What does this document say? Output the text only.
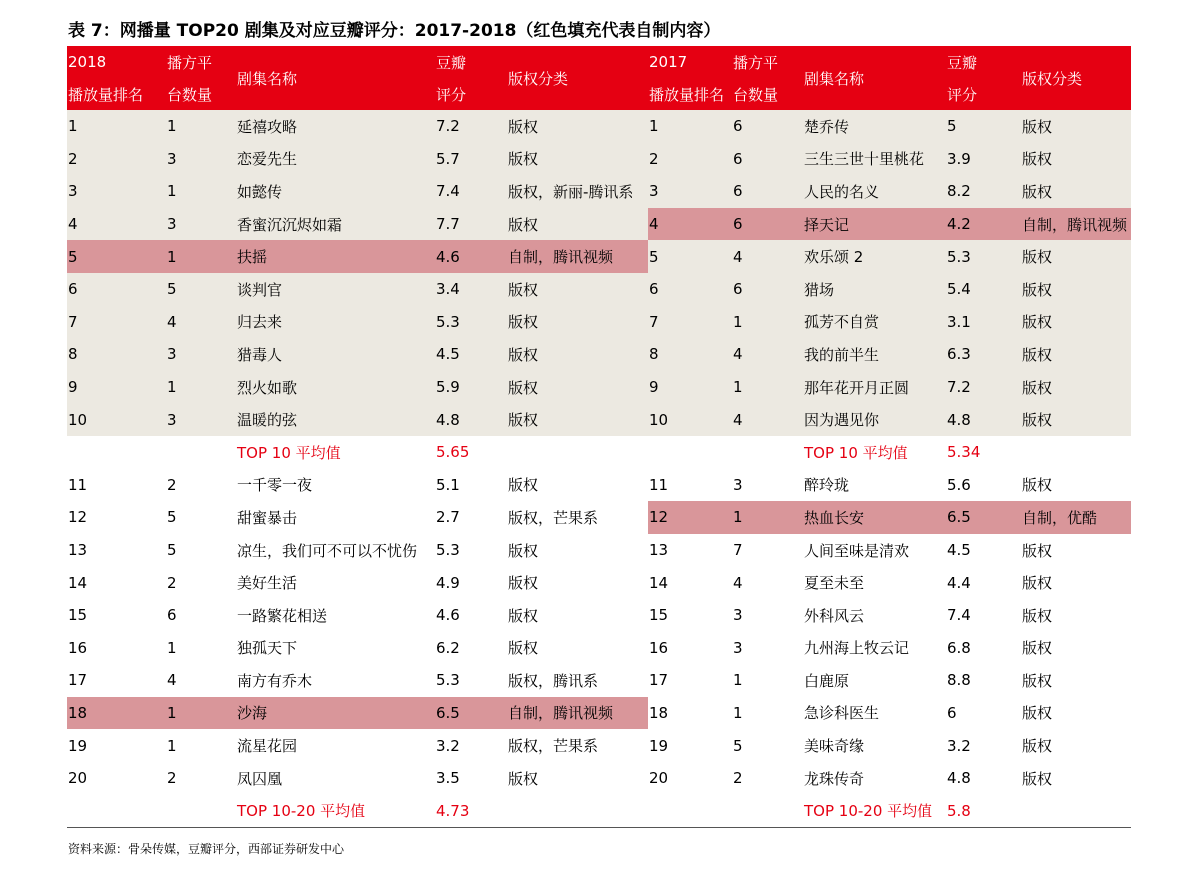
表 7：网播量 TOP20 剧集及对应豆瓣评分：2017-2018（红色填充代表自制内容）
2018	播方平	剧集名称	豆瓣	版权分类	2017	播方平	剧集名称	豆瓣	版权分类
播放量排名	台数量		评分		播放量排名	台数量		评分	
1	1	延禧攻略	7.2	版权	1	6	楚乔传	5	版权
2	3	恋爱先生	5.7	版权	2	6	三生三世十里桃花	3.9	版权
3	1	如懿传	7.4	版权，新丽-腾讯系	3	6	人民的名义	8.2	版权
4	3	香蜜沉沉烬如霜	7.7	版权	4	6	择天记	4.2	自制，腾讯视频
5	1	扶摇	4.6	自制，腾讯视频	5	4	欢乐颂 2	5.3	版权
6	5	谈判官	3.4	版权	6	6	猎场	5.4	版权
7	4	归去来	5.3	版权	7	1	孤芳不自赏	3.1	版权
8	3	猎毒人	4.5	版权	8	4	我的前半生	6.3	版权
9	1	烈火如歌	5.9	版权	9	1	那年花开月正圆	7.2	版权
10	3	温暖的弦	4.8	版权	10	4	因为遇见你	4.8	版权
		TOP 10 平均值	5.65				TOP 10 平均值	5.34	
11	2	一千零一夜	5.1	版权	11	3	醉玲珑	5.6	版权
12	5	甜蜜暴击	2.7	版权，芒果系	12	1	热血长安	6.5	自制，优酷
13	5	凉生，我们可不可以不忧伤	5.3	版权	13	7	人间至味是清欢	4.5	版权
14	2	美好生活	4.9	版权	14	4	夏至未至	4.4	版权
15	6	一路繁花相送	4.6	版权	15	3	外科风云	7.4	版权
16	1	独孤天下	6.2	版权	16	3	九州海上牧云记	6.8	版权
17	4	南方有乔木	5.3	版权，腾讯系	17	1	白鹿原	8.8	版权
18	1	沙海	6.5	自制，腾讯视频	18	1	急诊科医生	6	版权
19	1	流星花园	3.2	版权，芒果系	19	5	美味奇缘	3.2	版权
20	2	凤囚凰	3.5	版权	20	2	龙珠传奇	4.8	版权
		TOP 10-20 平均值	4.73				TOP 10-20 平均值	5.8	
资料来源：骨朵传媒，豆瓣评分，西部证券研发中心
